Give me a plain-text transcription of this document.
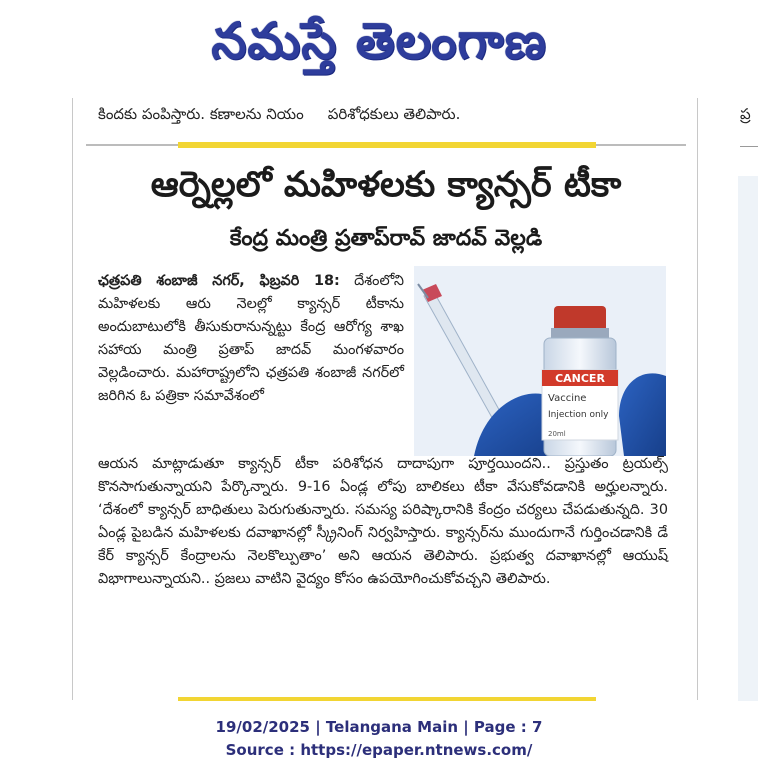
నమస్తే తెలంగాణ
కిందకు పంపిస్తారు. కణాలను నియం పరిశోధకులు తెలిపారు.	ప్ర
ఆర్నెల్లలో మహిళలకు క్యాన్సర్ టీకా
కేంద్ర మంత్రి ప్రతాప్‌రావ్ జాదవ్ వెల్లడి
ఛత్రపతి శంబాజీ నగర్, ఫిబ్రవరి 18: దేశంలోని మహిళలకు ఆరు నెలల్లో క్యాన్సర్ టీకాను అందుబాటులోకి తీసుకురానున్నట్టు కేంద్ర ఆరోగ్య శాఖ సహాయ మంత్రి ప్రతాప్ జాదవ్ మంగళవారం వెల్లడించారు. మహారాష్ట్రలోని ఛత్రపతి శంబాజీ నగర్‌లో జరిగిన ఓ పత్రికా సమావేశంలో
CANCER
Vaccine
Injection only
20ml
ఆయన మాట్లాడుతూ క్యాన్సర్ టీకా పరిశోధన దాదాపుగా పూర్తయిందని.. ప్రస్తుతం ట్రయల్స్ కొనసాగుతున్నాయని పేర్కొన్నారు. 9-16 ఏండ్ల లోపు బాలికలు టీకా వేసుకోవడానికి అర్హులన్నారు. ‘దేశంలో క్యాన్సర్ బాధితులు పెరుగుతున్నారు. సమస్య పరిష్కారానికి కేంద్రం చర్యలు చేపడుతున్నది. 30 ఏండ్ల పైబడిన మహిళలకు దవాఖానల్లో స్క్రీనింగ్ నిర్వహిస్తారు. క్యాన్సర్‌ను ముందుగానే గుర్తించడానికి డే కేర్ క్యాన్సర్ కేంద్రాలను నెలకొల్పుతాం’ అని ఆయన తెలిపారు. ప్రభుత్వ దవాఖానల్లో ఆయుష్ విభాగాలున్నాయని.. ప్రజలు వాటిని వైద్యం కోసం ఉపయోగించుకోవచ్చని తెలిపారు.
19/02/2025 | Telangana Main | Page : 7
Source : https://epaper.ntnews.com/
